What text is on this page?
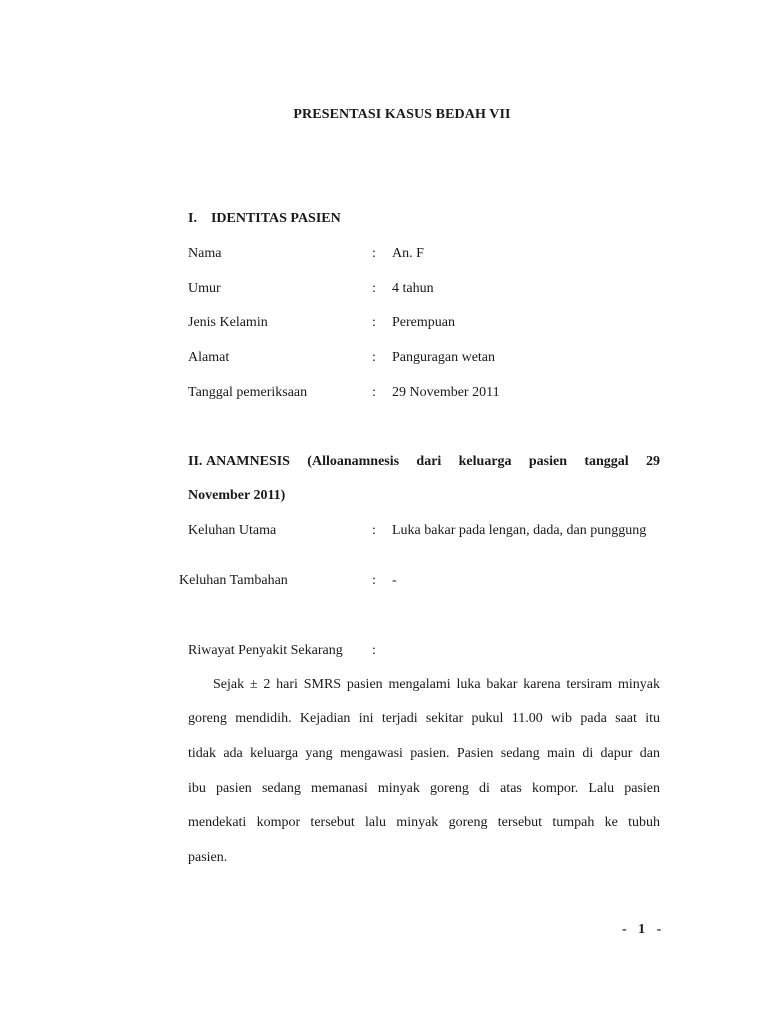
PRESENTASI KASUS BEDAH VII
I.    IDENTITAS PASIEN
Nama	: An. F
Umur	: 4 tahun
Jenis Kelamin	: Perempuan
Alamat	: Panguragan wetan
Tanggal pemeriksaan	: 29 November 2011
II. ANAMNESIS    (Alloanamnesis    dari    keluarga    pasien    tanggal    29
November 2011)
Keluhan Utama	: Luka bakar pada lengan, dada, dan punggung
Keluhan Tambahan	: -
Riwayat Penyakit Sekarang :
Sejak ± 2 hari SMRS pasien mengalami luka bakar karena tersiram minyak
goreng mendidih. Kejadian ini terjadi sekitar pukul 11.00 wib pada saat itu
tidak ada keluarga yang mengawasi pasien. Pasien sedang main di dapur dan
ibu pasien sedang memanasi minyak goreng di atas kompor. Lalu pasien
mendekati kompor tersebut lalu minyak goreng tersebut tumpah ke tubuh
pasien.
- 1 -
